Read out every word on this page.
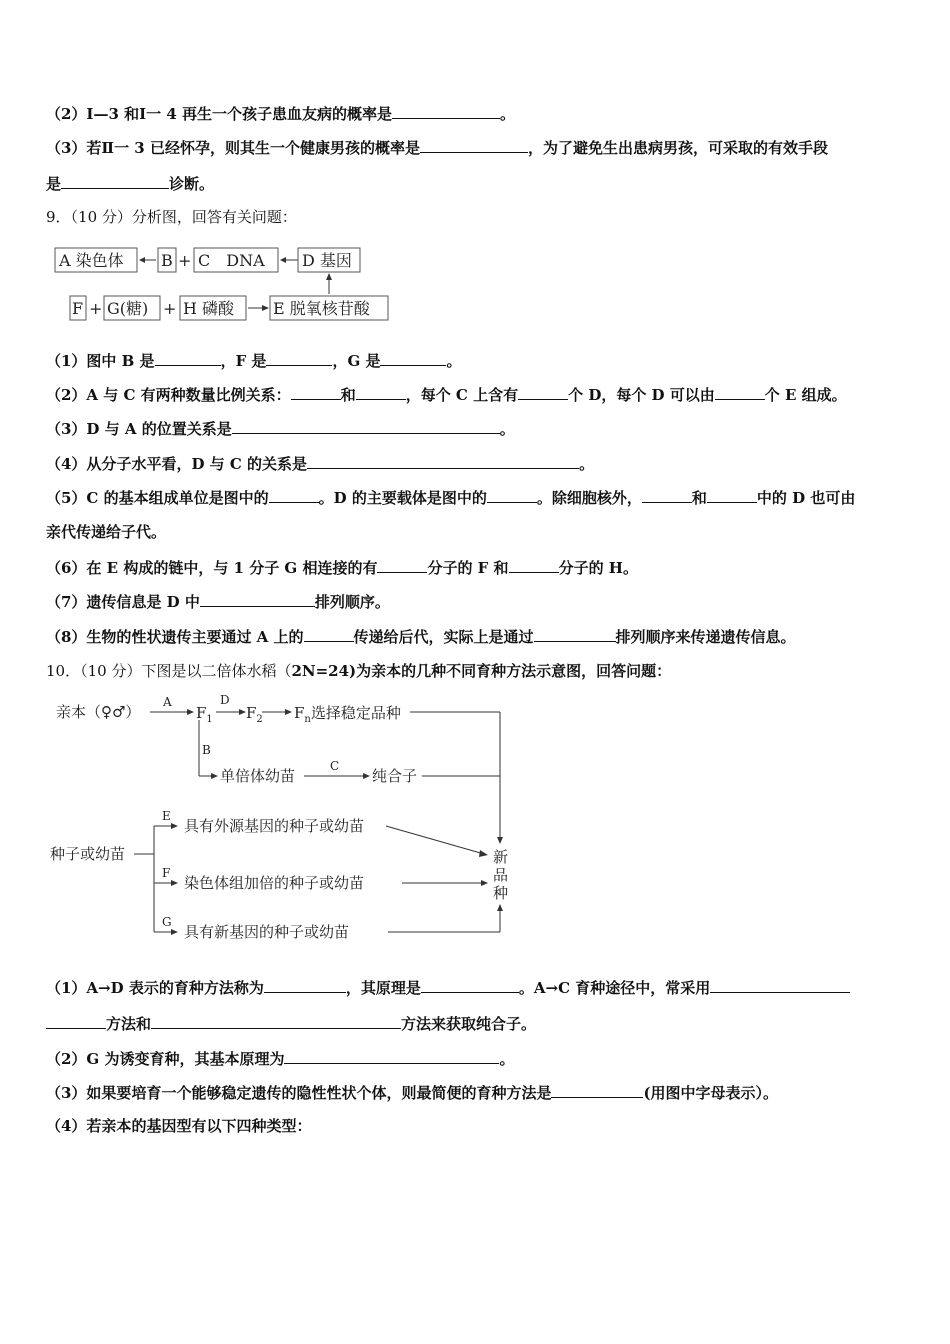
（2）Ⅰ—3 和Ⅰ一 4 再生一个孩子患血友病的概率是	。
（3）若Ⅱ一 3 已经怀孕，则其生一个健康男孩的概率是	，为了避免生出患病男孩，可采取的有效手段
是	诊断。
9．（10 分）分析图，回答有关问题：
A 染色体 B + C　DNA D 基因
F + G(糖) + H 磷酸 E 脱氧核苷酸
（1）图中 B 是	，F 是	，G 是	。
（2）A 与 C 有两种数量比例关系：	和	，每个 C 上含有	个 D，每个 D 可以由	个 E 组成。
（3）D 与 A 的位置关系是	。
（4）从分子水平看，D 与 C 的关系是	。
（5）C 的基本组成单位是图中的	。D 的主要载体是图中的	。除细胞核外，	和	中的 D 也可由
亲代传递给子代。
（6）在 E 构成的链中，与 1 分子 G 相连接的有	分子的 F 和	分子的 H。
（7）遗传信息是 D 中	排列顺序。
（8）生物的性状遗传主要通过 A 上的	传递给后代，实际上是通过	排列顺序来传递遗传信息。
10．（10 分）下图是以二倍体水稻（2N=24)为亲本的几种不同育种方法示意图，回答问题：
亲本（♀♂）
A
$F_1$
D
$F_2$ $F_n$选择稳定品种
B
单倍体幼苗
C
纯合子
种子或幼苗
E
具有外源基因的种子或幼苗
F
染色体组加倍的种子或幼苗
G
具有新基因的种子或幼苗
新
品
种
（1）A→D 表示的育种方法称为	，其原理是	。A→C 育种途径中，常采用
方法和	方法来获取纯合子。
（2）G 为诱变育种，其基本原理为	。
（3）如果要培育一个能够稳定遗传的隐性性状个体，则最简便的育种方法是	(用图中字母表示）。
（4）若亲本的基因型有以下四种类型：
